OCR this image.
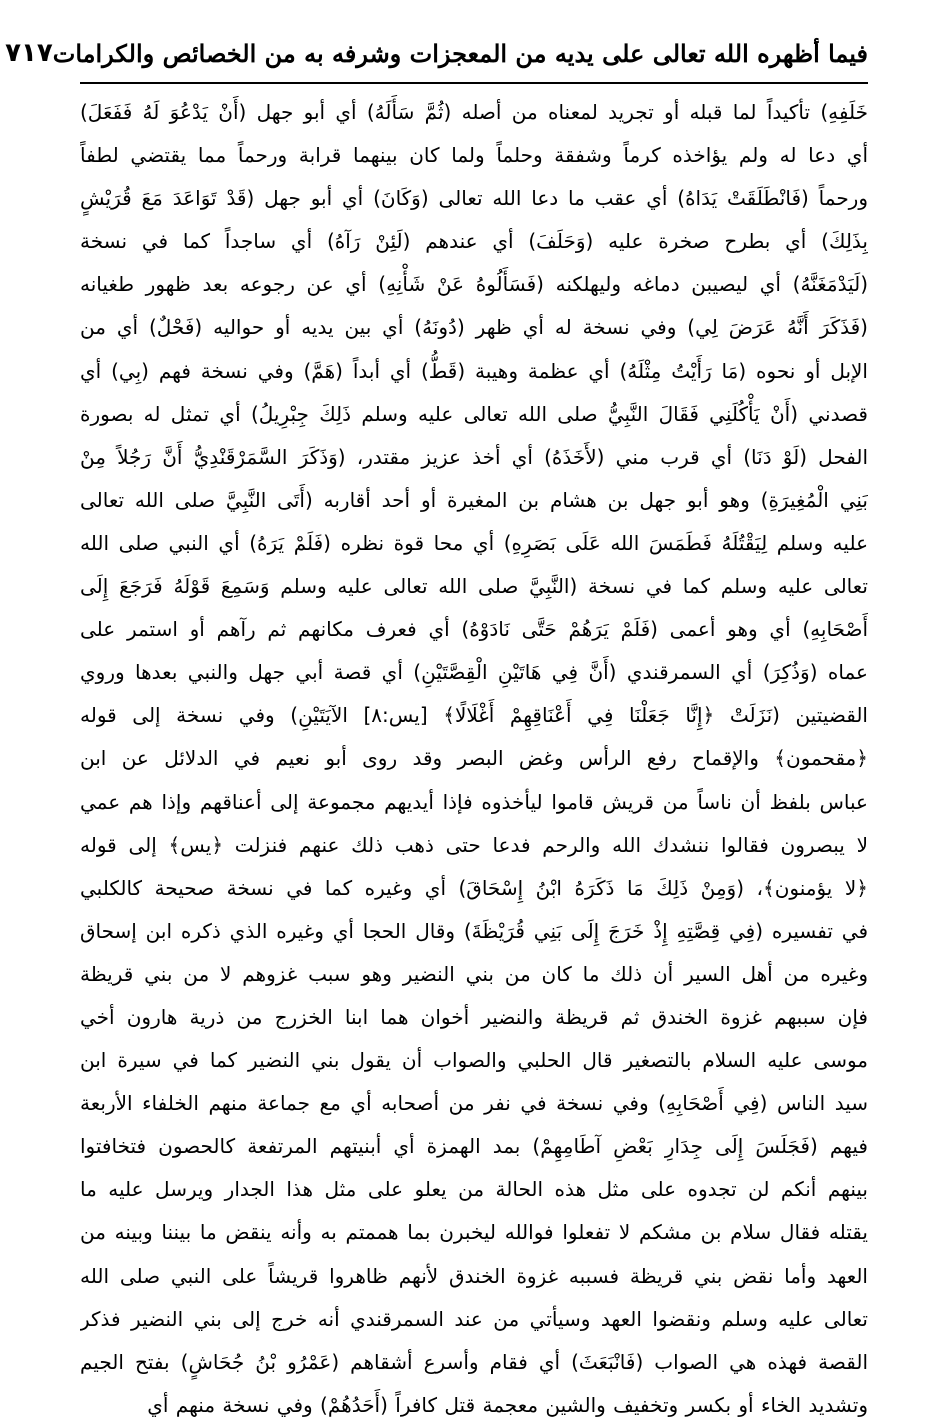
فيما أظهره الله تعالى على يديه من المعجزات وشرفه به من الخصائص والكرامات
٧١٧
خَلَفِهِ) تأكيداً لما قبله أو تجريد لمعناه من أصله (ثُمَّ سَأَلَهُ) أي أبو جهل (أَنْ يَدْعُوَ لَهُ فَفَعَلَ)
أي دعا له ولم يؤاخذه كرماً وشفقة وحلماً ولما كان بينهما قرابة ورحماً مما يقتضي لطفاً
ورحماً (فَانْطَلَقَتْ يَدَاهُ) أي عقب ما دعا الله تعالى (وَكَانَ) أي أبو جهل (قَدْ تَوَاعَدَ مَعَ قُرَيْشٍ
بِذَلِكَ) أي بطرح صخرة عليه (وَحَلَفَ) أي عندهم (لَئِنْ رَآهُ) أي ساجداً كما في نسخة
(لَيَدْمَغَنَّهُ) أي ليصيبن دماغه وليهلكنه (فَسَأَلُوهُ عَنْ شَأْنِهِ) أي عن رجوعه بعد ظهور طغيانه
(فَذَكَرَ أَنَّهُ عَرَضَ لِي) وفي نسخة له أي ظهر (دُونَهُ) أي بين يديه أو حواليه (فَحْلٌ) أي من
الإبل أو نحوه (مَا رَأَيْتُ مِثْلَهُ) أي عظمة وهيبة (قَطُّ) أي أبداً (هَمَّ) وفي نسخة فهم (بِي) أي
قصدني (أَنْ يَأْكُلَنِي فَقَالَ النَّبِيُّ صلى الله تعالى عليه وسلم ذَلِكَ جِبْرِيلُ) أي تمثل له بصورة
الفحل (لَوْ دَنَا) أي قرب مني (لأَخَذَهُ) أي أخذ عزيز مقتدر، (وَذَكَرَ السَّمَرْقَنْدِيُّ أَنَّ رَجُلاً مِنْ
بَنِي الْمُغِيرَةِ) وهو أبو جهل بن هشام بن المغيرة أو أحد أقاربه (أَتَى النَّبِيَّ صلى الله تعالى
عليه وسلم لِيَقْتُلَهُ فَطَمَسَ الله عَلَى بَصَرِهِ) أي محا قوة نظره (فَلَمْ يَرَهُ) أي النبي صلى الله
تعالى عليه وسلم كما في نسخة (النَّبِيَّ صلى الله تعالى عليه وسلم وَسَمِعَ قَوْلَهُ فَرَجَعَ إِلَى
أَصْحَابِهِ) أي وهو أعمى (فَلَمْ يَرَهُمْ حَتَّى نَادَوْهُ) أي فعرف مكانهم ثم رآهم أو استمر على
عماه (وَذُكِرَ) أي السمرقندي (أَنَّ فِي هَاتَيْنِ الْقِصَّتَيْنِ) أي قصة أبي جهل والنبي بعدها وروي
القضيتين (نَزَلَتْ ﴿إِنَّا جَعَلْنَا فِي أَعْنَاقِهِمْ أَغْلَالًا﴾ [يس:٨] الآيَتَيْنِ) وفي نسخة إلى قوله
﴿مقحمون﴾ والإقماح رفع الرأس وغض البصر وقد روى أبو نعيم في الدلائل عن ابن
عباس بلفظ أن ناساً من قريش قاموا ليأخذوه فإذا أيديهم مجموعة إلى أعناقهم وإذا هم عمي
لا يبصرون فقالوا ننشدك الله والرحم فدعا حتى ذهب ذلك عنهم فنزلت ﴿يس﴾ إلى قوله
﴿لا يؤمنون﴾، (وَمِنْ ذَلِكَ مَا ذَكَرَهُ ابْنُ إِسْحَاقَ) أي وغيره كما في نسخة صحيحة كالكلبي
في تفسيره (فِي قِصَّتِهِ إِذْ خَرَجَ إِلَى بَنِي قُرَيْظَةَ) وقال الحجا أي وغيره الذي ذكره ابن إسحاق
وغيره من أهل السير أن ذلك ما كان من بني النضير وهو سبب غزوهم لا من بني قريظة
فإن سببهم غزوة الخندق ثم قريظة والنضير أخوان هما ابنا الخزرج من ذرية هارون أخي
موسى عليه السلام بالتصغير قال الحلبي والصواب أن يقول بني النضير كما في سيرة ابن
سيد الناس (فِي أَصْحَابِهِ) وفي نسخة في نفر من أصحابه أي مع جماعة منهم الخلفاء الأربعة
فيهم (فَجَلَسَ إِلَى جِدَارِ بَعْضِ آطَامِهِمْ) بمد الهمزة أي أبنيتهم المرتفعة كالحصون فتخافتوا
بينهم أنكم لن تجدوه على مثل هذه الحالة من يعلو على مثل هذا الجدار ويرسل عليه ما
يقتله فقال سلام بن مشكم لا تفعلوا فوالله ليخبرن بما هممتم به وأنه ينقض ما بيننا وبينه من
العهد وأما نقض بني قريظة فسببه غزوة الخندق لأنهم ظاهروا قريشاً على النبي صلى الله
تعالى عليه وسلم ونقضوا العهد وسيأتي من عند السمرقندي أنه خرج إلى بني النضير فذكر
القصة فهذه هي الصواب (فَانْبَعَثَ) أي فقام وأسرع أشقاهم (عَمْرُو بْنُ جُحَاشٍ) بفتح الجيم
وتشديد الخاء أو بكسر وتخفيف والشين معجمة قتل كافراً (أَحَدُهُمْ) وفي نسخة منهم أي
